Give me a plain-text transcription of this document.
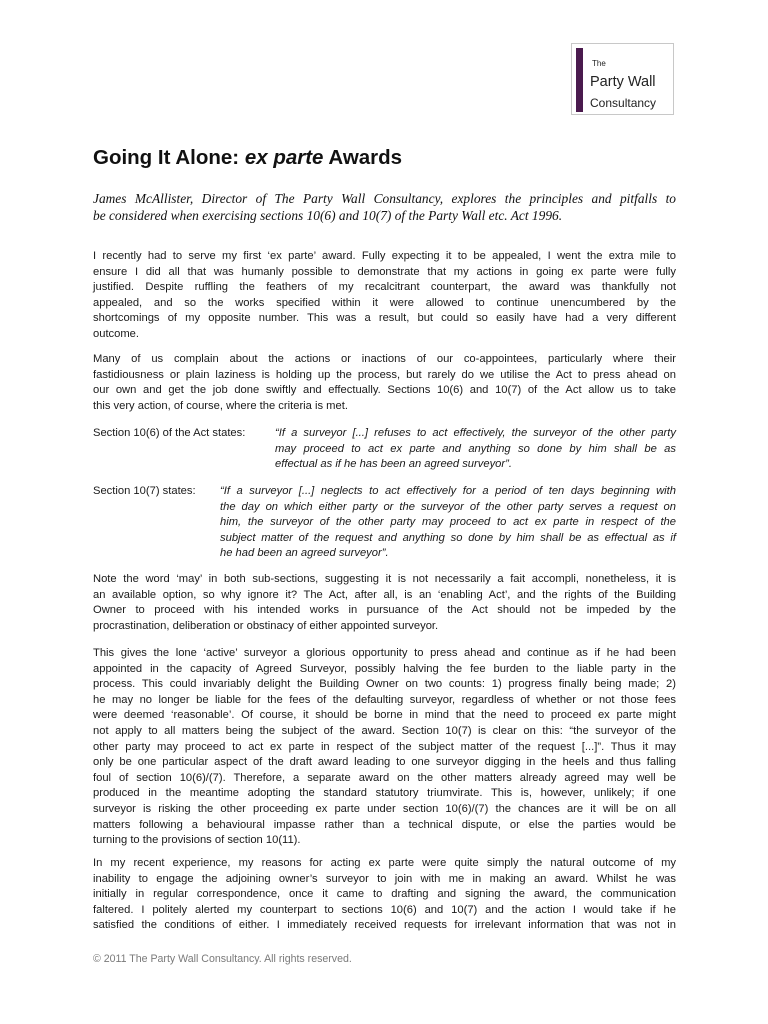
The
Party Wall
Consultancy
Going It Alone: ex parte Awards

James McAllister, Director of The Party Wall Consultancy, explores the principles and pitfalls to
be considered when exercising sections 10(6) and 10(7) of the Party Wall etc. Act 1996.

I recently had to serve my first ‘ex parte’ award. Fully expecting it to be appealed, I went the extra mile to
ensure I did all that was humanly possible to demonstrate that my actions in going ex parte were fully
justified. Despite ruffling the feathers of my recalcitrant counterpart, the award was thankfully not
appealed, and so the works specified within it were allowed to continue unencumbered by the
shortcomings of my opposite number. This was a result, but could so easily have had a very different
outcome.

Many of us complain about the actions or inactions of our co-appointees, particularly where their
fastidiousness or plain laziness is holding up the process, but rarely do we utilise the Act to press ahead on
our own and get the job done swiftly and effectually. Sections 10(6) and 10(7) of the Act allow us to take
this very action, of course, where the criteria is met.

Section 10(6) of the Act states:	“If a surveyor [...] refuses to act effectively, the surveyor of the other party
may proceed to act ex parte and anything so done by him shall be as
effectual as if he has been an agreed surveyor”.
Section 10(7) states: “If a surveyor [...] neglects to act effectively for a period of ten days beginning with
the day on which either party or the surveyor of the other party serves a request on
him, the surveyor of the other party may proceed to act ex parte in respect of the
subject matter of the request and anything so done by him shall be as effectual as if
he had been an agreed surveyor”.

Note the word ‘may’ in both sub-sections, suggesting it is not necessarily a fait accompli, nonetheless, it is
an available option, so why ignore it? The Act, after all, is an ‘enabling Act’, and the rights of the Building
Owner to proceed with his intended works in pursuance of the Act should not be impeded by the
procrastination, deliberation or obstinacy of either appointed surveyor.

This gives the lone ‘active’ surveyor a glorious opportunity to press ahead and continue as if he had been
appointed in the capacity of Agreed Surveyor, possibly halving the fee burden to the liable party in the
process. This could invariably delight the Building Owner on two counts: 1) progress finally being made; 2)
he may no longer be liable for the fees of the defaulting surveyor, regardless of whether or not those fees
were deemed ‘reasonable’. Of course, it should be borne in mind that the need to proceed ex parte might
not apply to all matters being the subject of the award. Section 10(7) is clear on this: “the surveyor of the
other party may proceed to act ex parte in respect of the subject matter of the request [...]”. Thus it may
only be one particular aspect of the draft award leading to one surveyor digging in the heels and thus falling
foul of section 10(6)/(7). Therefore, a separate award on the other matters already agreed may well be
produced in the meantime adopting the standard statutory triumvirate. This is, however, unlikely; if one
surveyor is risking the other proceeding ex parte under section 10(6)/(7) the chances are it will be on all
matters following a behavioural impasse rather than a technical dispute, or else the parties would be
turning to the provisions of section 10(11).

In my recent experience, my reasons for acting ex parte were quite simply the natural outcome of my
inability to engage the adjoining owner’s surveyor to join with me in making an award. Whilst he was
initially in regular correspondence, once it came to drafting and signing the award, the communication
faltered. I politely alerted my counterpart to sections 10(6) and 10(7) and the action I would take if he
satisfied the conditions of either. I immediately received requests for irrelevant information that was not in

© 2011 The Party Wall Consultancy. All rights reserved.
